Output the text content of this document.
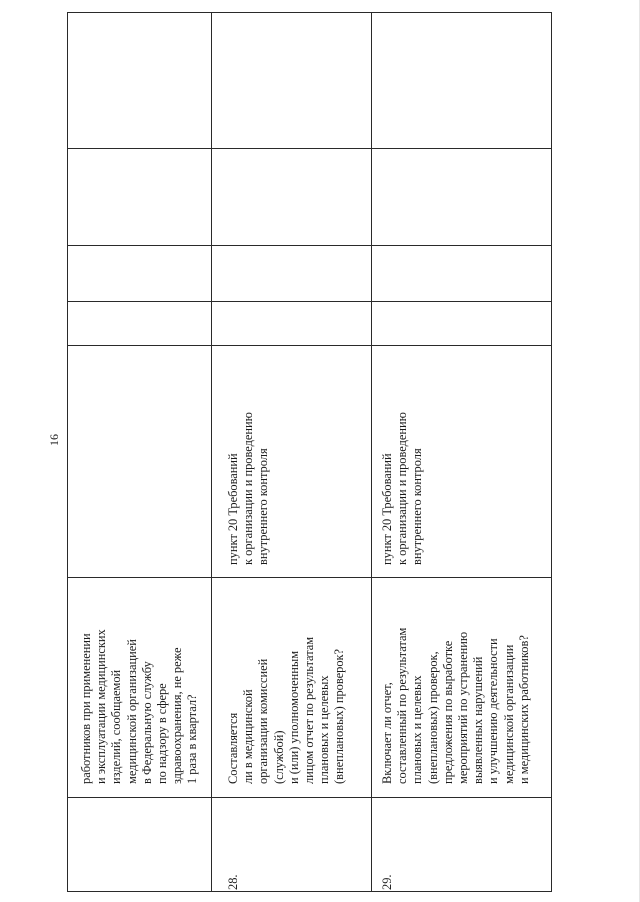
16
работников при применении
и эксплуатации медицинских
изделий, сообщаемой
медицинской организацией
в Федеральную службу
по надзору в сфере
здравоохранения, не реже
1 раза в квартал?
28.
Составляется
ли в медицинской
организации комиссией
(службой)
и (или) уполномоченным
лицом отчет по результатам
плановых и целевых
(внеплановых) проверок?
пункт 20 Требований
к организации и проведению
внутреннего контроля
29.
Включает ли отчет,
составленный по результатам
плановых и целевых
(внеплановых) проверок,
предложения по выработке
мероприятий по устранению
выявленных нарушений
и улучшению деятельности
медицинской организации
и медицинских работников?
пункт 20 Требований
к организации и проведению
внутреннего контроля
